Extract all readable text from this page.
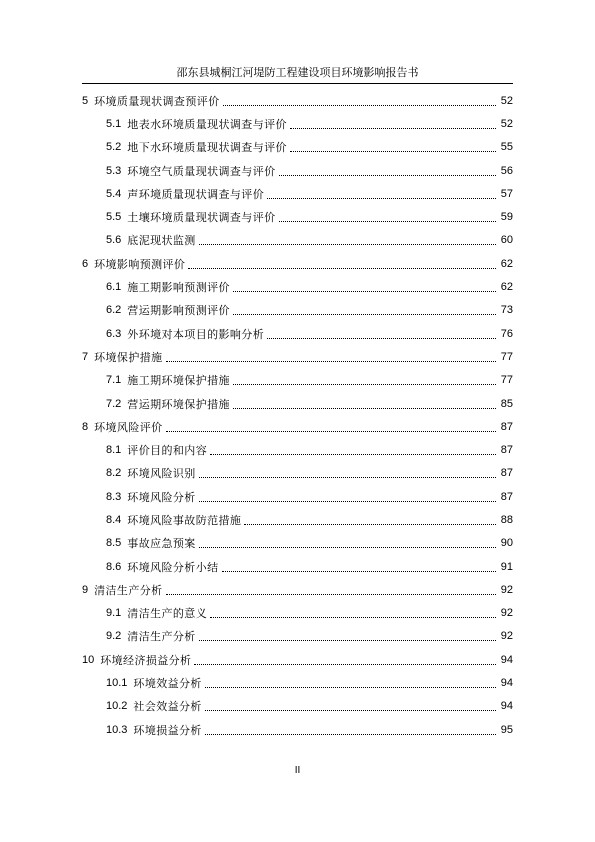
邵东县城桐江河堤防工程建设项目环境影响报告书
5 环境质量现状调查预评价	52
5.1 地表水环境质量现状调查与评价	52
5.2 地下水环境质量现状调查与评价	55
5.3 环境空气质量现状调查与评价	56
5.4 声环境质量现状调查与评价	57
5.5 土壤环境质量现状调查与评价	59
5.6 底泥现状监测	60
6 环境影响预测评价	62
6.1 施工期影响预测评价	62
6.2 营运期影响预测评价	73
6.3 外环境对本项目的影响分析	76
7 环境保护措施	77
7.1 施工期环境保护措施	77
7.2 营运期环境保护措施	85
8 环境风险评价	87
8.1 评价目的和内容	87
8.2 环境风险识别	87
8.3 环境风险分析	87
8.4 环境风险事故防范措施	88
8.5 事故应急预案	90
8.6 环境风险分析小结	91
9 清洁生产分析	92
9.1 清洁生产的意义	92
9.2 清洁生产分析	92
10 环境经济损益分析	94
10.1 环境效益分析	94
10.2 社会效益分析	94
10.3 环境损益分析	95
II
